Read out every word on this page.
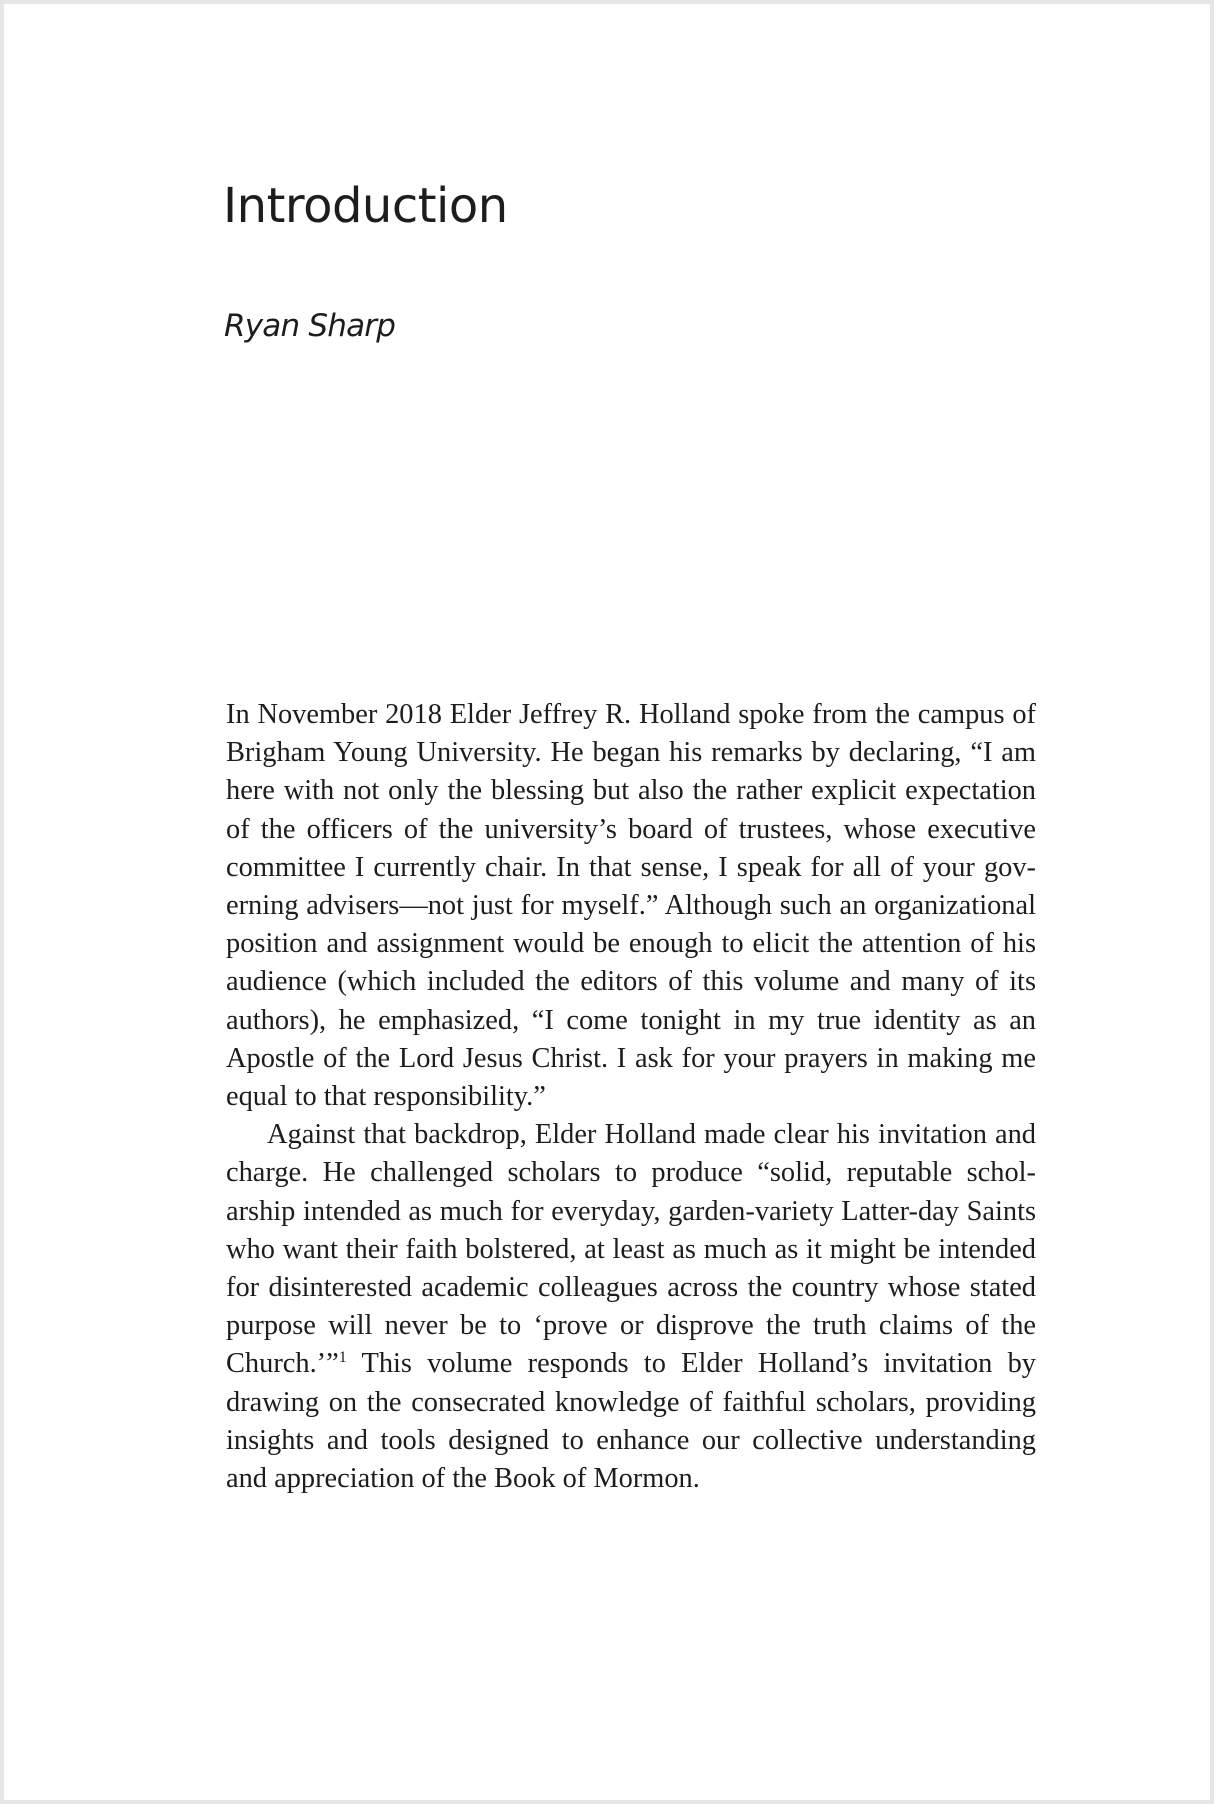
Introduction

Ryan Sharp

In November 2018 Elder Jeffrey R. Holland spoke from the campus of Brigham Young University. He began his remarks by declaring, “I am here with not only the blessing but also the rather explicit expectation of the officers of the university’s board of trustees, whose executive committee I currently chair. In that sense, I speak for all of your governing advisers—not just for myself.” Although such an organizational position and assignment would be enough to elicit the attention of his audience (which included the editors of this volume and many of its authors), he emphasized, “I come tonight in my true identity as an Apostle of the Lord Jesus Christ. I ask for your prayers in making me equal to that responsibility.”

Against that backdrop, Elder Holland made clear his invitation and charge. He challenged scholars to produce “solid, reputable scholarship intended as much for everyday, garden-variety Latter-day Saints who want their faith bolstered, at least as much as it might be intended for disinterested academic colleagues across the country whose stated purpose will never be to ‘prove or disprove the truth claims of the Church.’”$^1$ This volume responds to Elder Holland’s invitation by drawing on the consecrated knowledge of faithful scholars, providing insights and tools designed to enhance our collective understanding and appreciation of the Book of Mormon.
